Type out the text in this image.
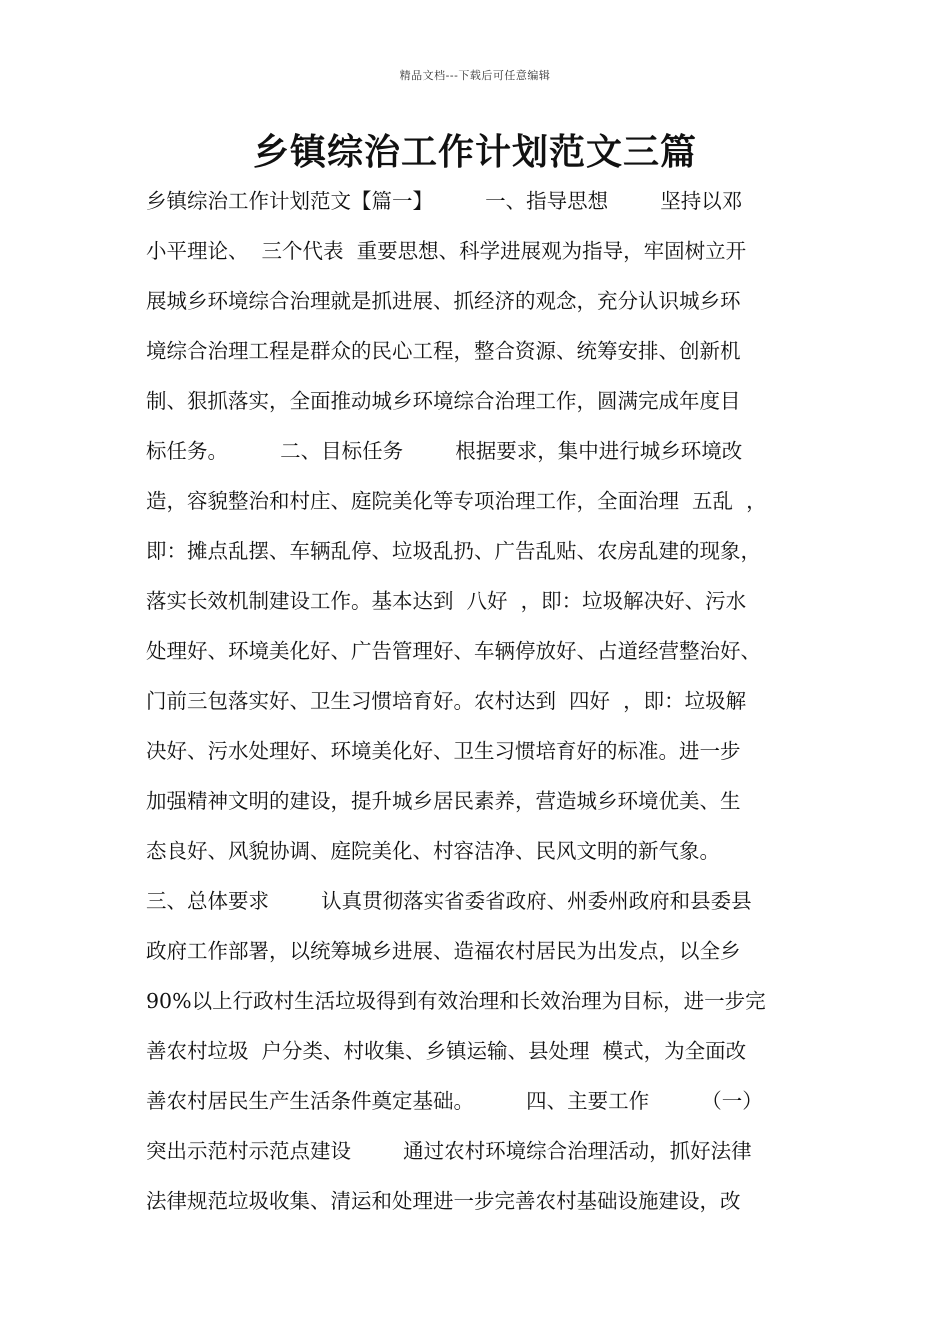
精品文档---下载后可任意编辑
乡镇综治工作计划范文三篇
乡镇综治工作计划范文【篇一】        一、指导思想        坚持以邓
小平理论、  三个代表  重要思想、科学进展观为指导，牢固树立开
展城乡环境综合治理就是抓进展、抓经济的观念，充分认识城乡环
境综合治理工程是群众的民心工程，整合资源、统筹安排、创新机
制、狠抓落实，全面推动城乡环境综合治理工作，圆满完成年度目
标任务。        二、目标任务        根据要求，集中进行城乡环境改
造，容貌整治和村庄、庭院美化等专项治理工作，全面治理  五乱  ，
即：摊点乱摆、车辆乱停、垃圾乱扔、广告乱贴、农房乱建的现象，
落实长效机制建设工作。基本达到  八好  ，即：垃圾解决好、污水
处理好、环境美化好、广告管理好、车辆停放好、占道经营整治好、
门前三包落实好、卫生习惯培育好。农村达到  四好  ，即：垃圾解
决好、污水处理好、环境美化好、卫生习惯培育好的标准。进一步
加强精神文明的建设，提升城乡居民素养，营造城乡环境优美、生
态良好、风貌协调、庭院美化、村容洁净、民风文明的新气象。
三、总体要求        认真贯彻落实省委省政府、州委州政府和县委县
政府工作部署，以统筹城乡进展、造福农村居民为出发点，以全乡
90%以上行政村生活垃圾得到有效治理和长效治理为目标，进一步完
善农村垃圾  户分类、村收集、乡镇运输、县处理  模式，为全面改
善农村居民生产生活条件奠定基础。        四、主要工作        （一）
突出示范村示范点建设        通过农村环境综合治理活动，抓好法律
法律规范垃圾收集、清运和处理进一步完善农村基础设施建设，改
